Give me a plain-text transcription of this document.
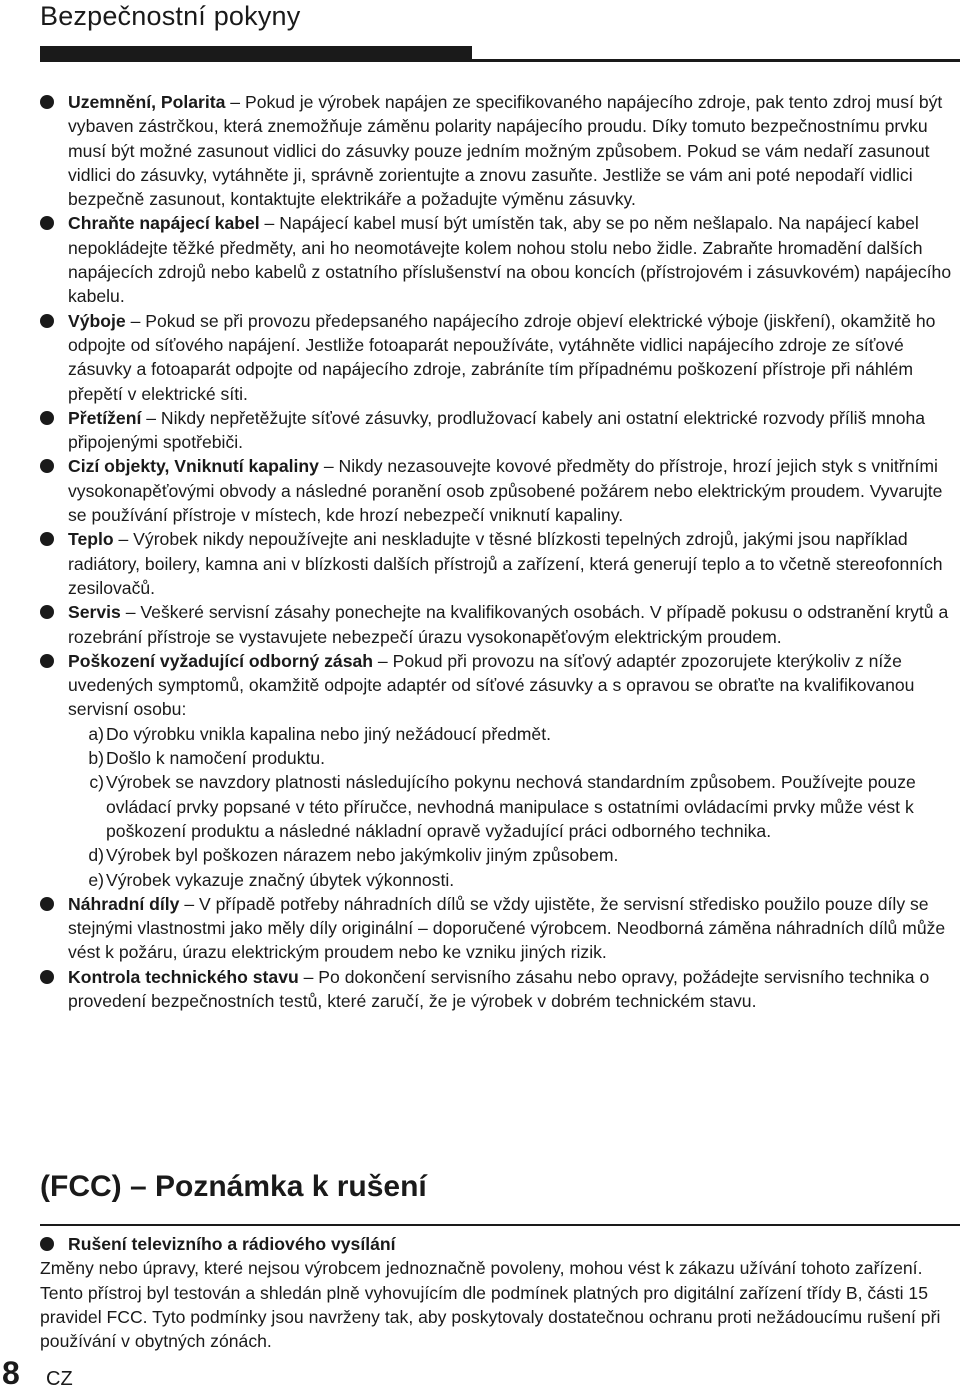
Bezpečnostní pokyny

Uzemnění, Polarita – Pokud je výrobek napájen ze specifikovaného napájecího zdroje, pak tento zdroj musí být vybaven zástrčkou, která znemožňuje záměnu polarity napájecího proudu. Díky tomuto bezpečnostnímu prvku musí být možné zasunout vidlici do zásuvky pouze jedním možným způsobem. Pokud se vám nedaří zasunout vidlici do zásuvky, vytáhněte ji, správně zorientujte a znovu zasuňte. Jestliže se vám ani poté nepodaří vidlici bezpečně zasunout, kontaktujte elektrikáře a požadujte výměnu zásuvky.

Chraňte napájecí kabel – Napájecí kabel musí být umístěn tak, aby se po něm nešlapalo. Na napájecí kabel nepokládejte těžké předměty, ani ho neomotávejte kolem nohou stolu nebo židle. Zabraňte hromadění dalších napájecích zdrojů nebo kabelů z ostatního příslušenství na obou koncích (přístrojovém i zásuvkovém) napájecího kabelu.

Výboje – Pokud se při provozu předepsaného napájecího zdroje objeví elektrické výboje (jiskření), okamžitě ho odpojte od síťového napájení. Jestliže fotoaparát nepoužíváte, vytáhněte vidlici napájecího zdroje ze síťové zásuvky a fotoaparát odpojte od napájecího zdroje, zabráníte tím případnému poškození přístroje při náhlém přepětí v elektrické síti.

Přetížení – Nikdy nepřetěžujte síťové zásuvky, prodlužovací kabely ani ostatní elektrické rozvody příliš mnoha připojenými spotřebiči.

Cizí objekty, Vniknutí kapaliny – Nikdy nezasouvejte kovové předměty do přístroje, hrozí jejich styk s vnitřními vysokonapěťovými obvody a následné poranění osob způsobené požárem nebo elektrickým proudem. Vyvarujte se používání přístroje v místech, kde hrozí nebezpečí vniknutí kapaliny.

Teplo – Výrobek nikdy nepoužívejte ani neskladujte v těsné blízkosti tepelných zdrojů, jakými jsou například radiátory, boilery, kamna ani v blízkosti dalších přístrojů a zařízení, která generují teplo a to včetně stereofonních zesilovačů.

Servis – Veškeré servisní zásahy ponechejte na kvalifikovaných osobách. V případě pokusu o odstranění krytů a rozebrání přístroje se vystavujete nebezpečí úrazu vysokonapěťovým elektrickým proudem.

Poškození vyžadující odborný zásah – Pokud při provozu na síťový adaptér zpozorujete kterýkoliv z níže uvedených symptomů, okamžitě odpojte adaptér od síťové zásuvky a s opravou se obraťte na kvalifikovanou servisní osobu:
a) Do výrobku vnikla kapalina nebo jiný nežádoucí předmět.
b) Došlo k namočení produktu.
c) Výrobek se navzdory platnosti následujícího pokynu nechová standardním způsobem. Používejte pouze ovládací prvky popsané v této příručce, nevhodná manipulace s ostatními ovládacími prvky může vést k poškození produktu a následné nákladní opravě vyžadující práci odborného technika.
d) Výrobek byl poškozen nárazem nebo jakýmkoliv jiným způsobem.
e) Výrobek vykazuje značný úbytek výkonnosti.

Náhradní díly – V případě potřeby náhradních dílů se vždy ujistěte, že servisní středisko použilo pouze díly se stejnými vlastnostmi jako měly díly originální – doporučené výrobcem. Neodborná záměna náhradních dílů může vést k požáru, úrazu elektrickým proudem nebo ke vzniku jiných rizik.

Kontrola technického stavu – Po dokončení servisního zásahu nebo opravy, požádejte servisního technika o provedení bezpečnostních testů, které zaručí, že je výrobek v dobrém technickém stavu.

(FCC) – Poznámka k rušení

Rušení televizního a rádiového vysílání

Změny nebo úpravy, které nejsou výrobcem jednoznačně povoleny, mohou vést k zákazu užívání tohoto zařízení. Tento přístroj byl testován a shledán plně vyhovujícím dle podmínek platných pro digitální zařízení třídy B, části 15 pravidel FCC. Tyto podmínky jsou navrženy tak, aby poskytovaly dostatečnou ochranu proti nežádoucímu rušení při používání v obytných zónách.

8 CZ
